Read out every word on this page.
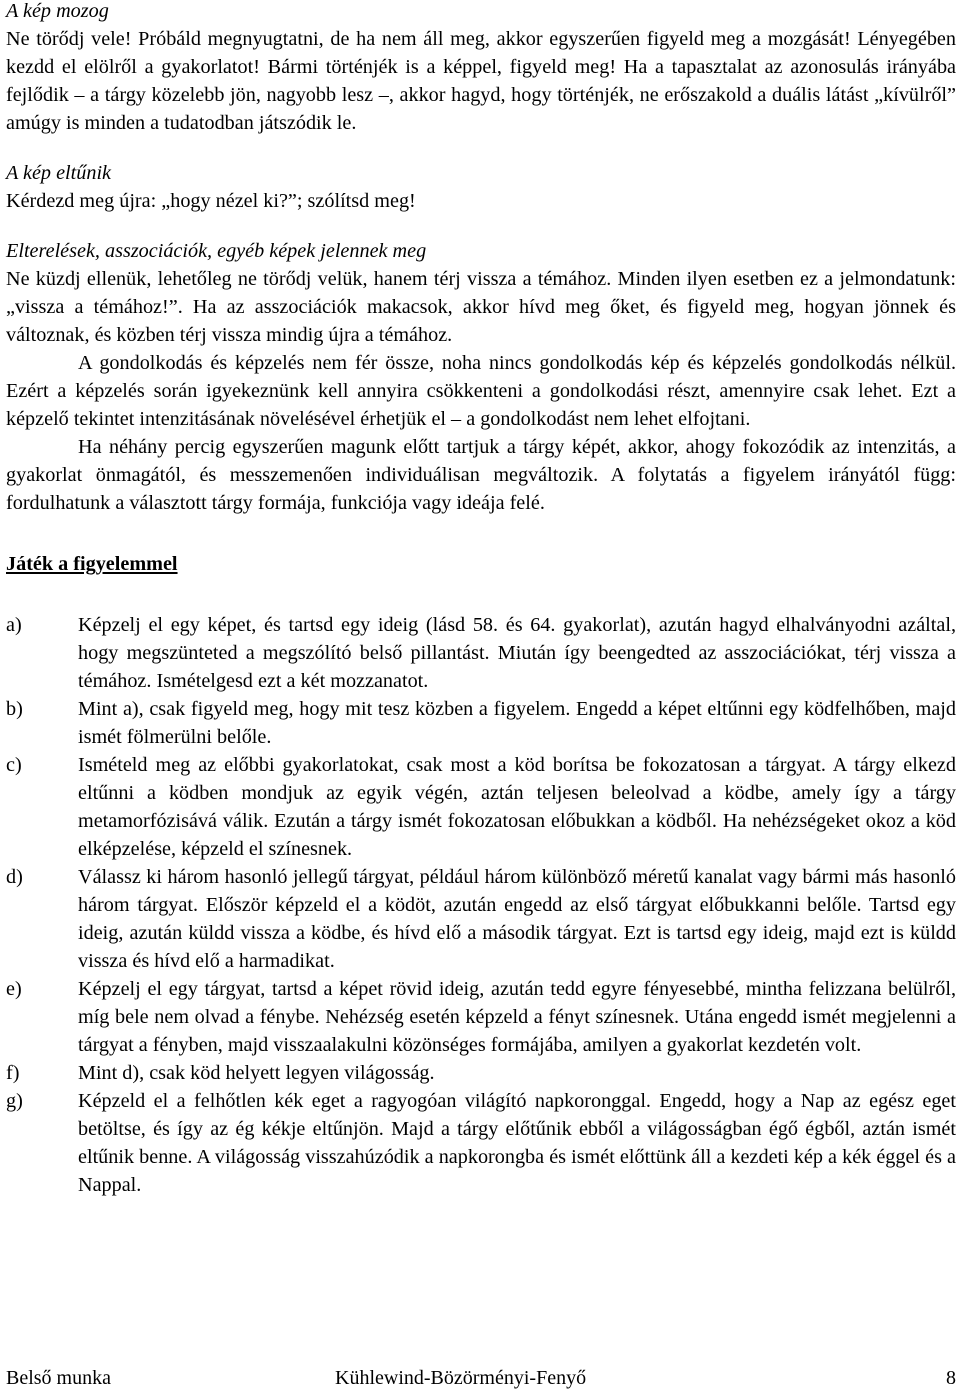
A kép mozog

Ne törődj vele! Próbáld megnyugtatni, de ha nem áll meg, akkor egyszerűen figyeld meg a mozgását! Lényegében kezdd el elölről a gyakorlatot! Bármi történjék is a képpel, figyeld meg! Ha a tapasztalat az azonosulás irányába fejlődik – a tárgy közelebb jön, nagyobb lesz –, akkor hagyd, hogy történjék, ne erőszakold a duális látást „kívülről” amúgy is minden a tudatodban játszódik le.

A kép eltűnik

Kérdezd meg újra: „hogy nézel ki?”; szólítsd meg!

Elterelések, asszociációk, egyéb képek jelennek meg

Ne küzdj ellenük, lehetőleg ne törődj velük, hanem térj vissza a témához. Minden ilyen esetben ez a jelmondatunk: „vissza a témához!”. Ha az asszociációk makacsok, akkor hívd meg őket, és figyeld meg, hogyan jönnek és változnak, és közben térj vissza mindig újra a témához.

A gondolkodás és képzelés nem fér össze, noha nincs gondolkodás kép és képzelés gondolkodás nélkül. Ezért a képzelés során igyekeznünk kell annyira csökkenteni a gondolkodási részt, amennyire csak lehet. Ezt a képzelő tekintet intenzitásának növelésével érhetjük el – a gondolkodást nem lehet elfojtani.

Ha néhány percig egyszerűen magunk előtt tartjuk a tárgy képét, akkor, ahogy fokozódik az intenzitás, a gyakorlat önmagától, és messzemenően individuálisan megváltozik. A folytatás a figyelem irányától függ: fordulhatunk a választott tárgy formája, funkciója vagy ideája felé.

Játék a figyelemmel

a)	Képzelj el egy képet, és tartsd egy ideig (lásd 58. és 64. gyakorlat), azután hagyd elhalványodni azáltal, hogy megszünteted a megszólító belső pillantást. Miután így beengedted az asszociációkat, térj vissza a témához. Ismételgesd ezt a két mozzanatot.
b)	Mint a), csak figyeld meg, hogy mit tesz közben a figyelem. Engedd a képet eltűnni egy ködfelhőben, majd ismét fölmerülni belőle.
c)	Ismételd meg az előbbi gyakorlatokat, csak most a köd borítsa be fokozatosan a tárgyat. A tárgy elkezd eltűnni a ködben mondjuk az egyik végén, aztán teljesen beleolvad a ködbe, amely így a tárgy metamorfózisává válik. Ezután a tárgy ismét fokozatosan előbukkan a ködből. Ha nehézségeket okoz a köd elképzelése, képzeld el színesnek.
d)	Válassz ki három hasonló jellegű tárgyat, például három különböző méretű kanalat vagy bármi más hasonló három tárgyat. Először képzeld el a ködöt, azután engedd az első tárgyat előbukkanni belőle. Tartsd egy ideig, azután küldd vissza a ködbe, és hívd elő a második tárgyat. Ezt is tartsd egy ideig, majd ezt is küldd vissza és hívd elő a harmadikat.
e)	Képzelj el egy tárgyat, tartsd a képet rövid ideig, azután tedd egyre fényesebbé, mintha felizzana belülről, míg bele nem olvad a fénybe. Nehézség esetén képzeld a fényt színesnek. Utána engedd ismét megjelenni a tárgyat a fényben, majd visszaalakulni közönséges formájába, amilyen a gyakorlat kezdetén volt.
f)	Mint d), csak köd helyett legyen világosság.
g)	Képzeld el a felhőtlen kék eget a ragyogóan világító napkoronggal. Engedd, hogy a Nap az egész eget betöltse, és így az ég kékje eltűnjön. Majd a tárgy előtűnik ebből a világosságban égő égből, aztán ismét eltűnik benne. A világosság visszahúzódik a napkorongba és ismét előttünk áll a kezdeti kép a kék éggel és a Nappal.
Belső munka	Kühlewind-Bözörményi-Fenyő	8
